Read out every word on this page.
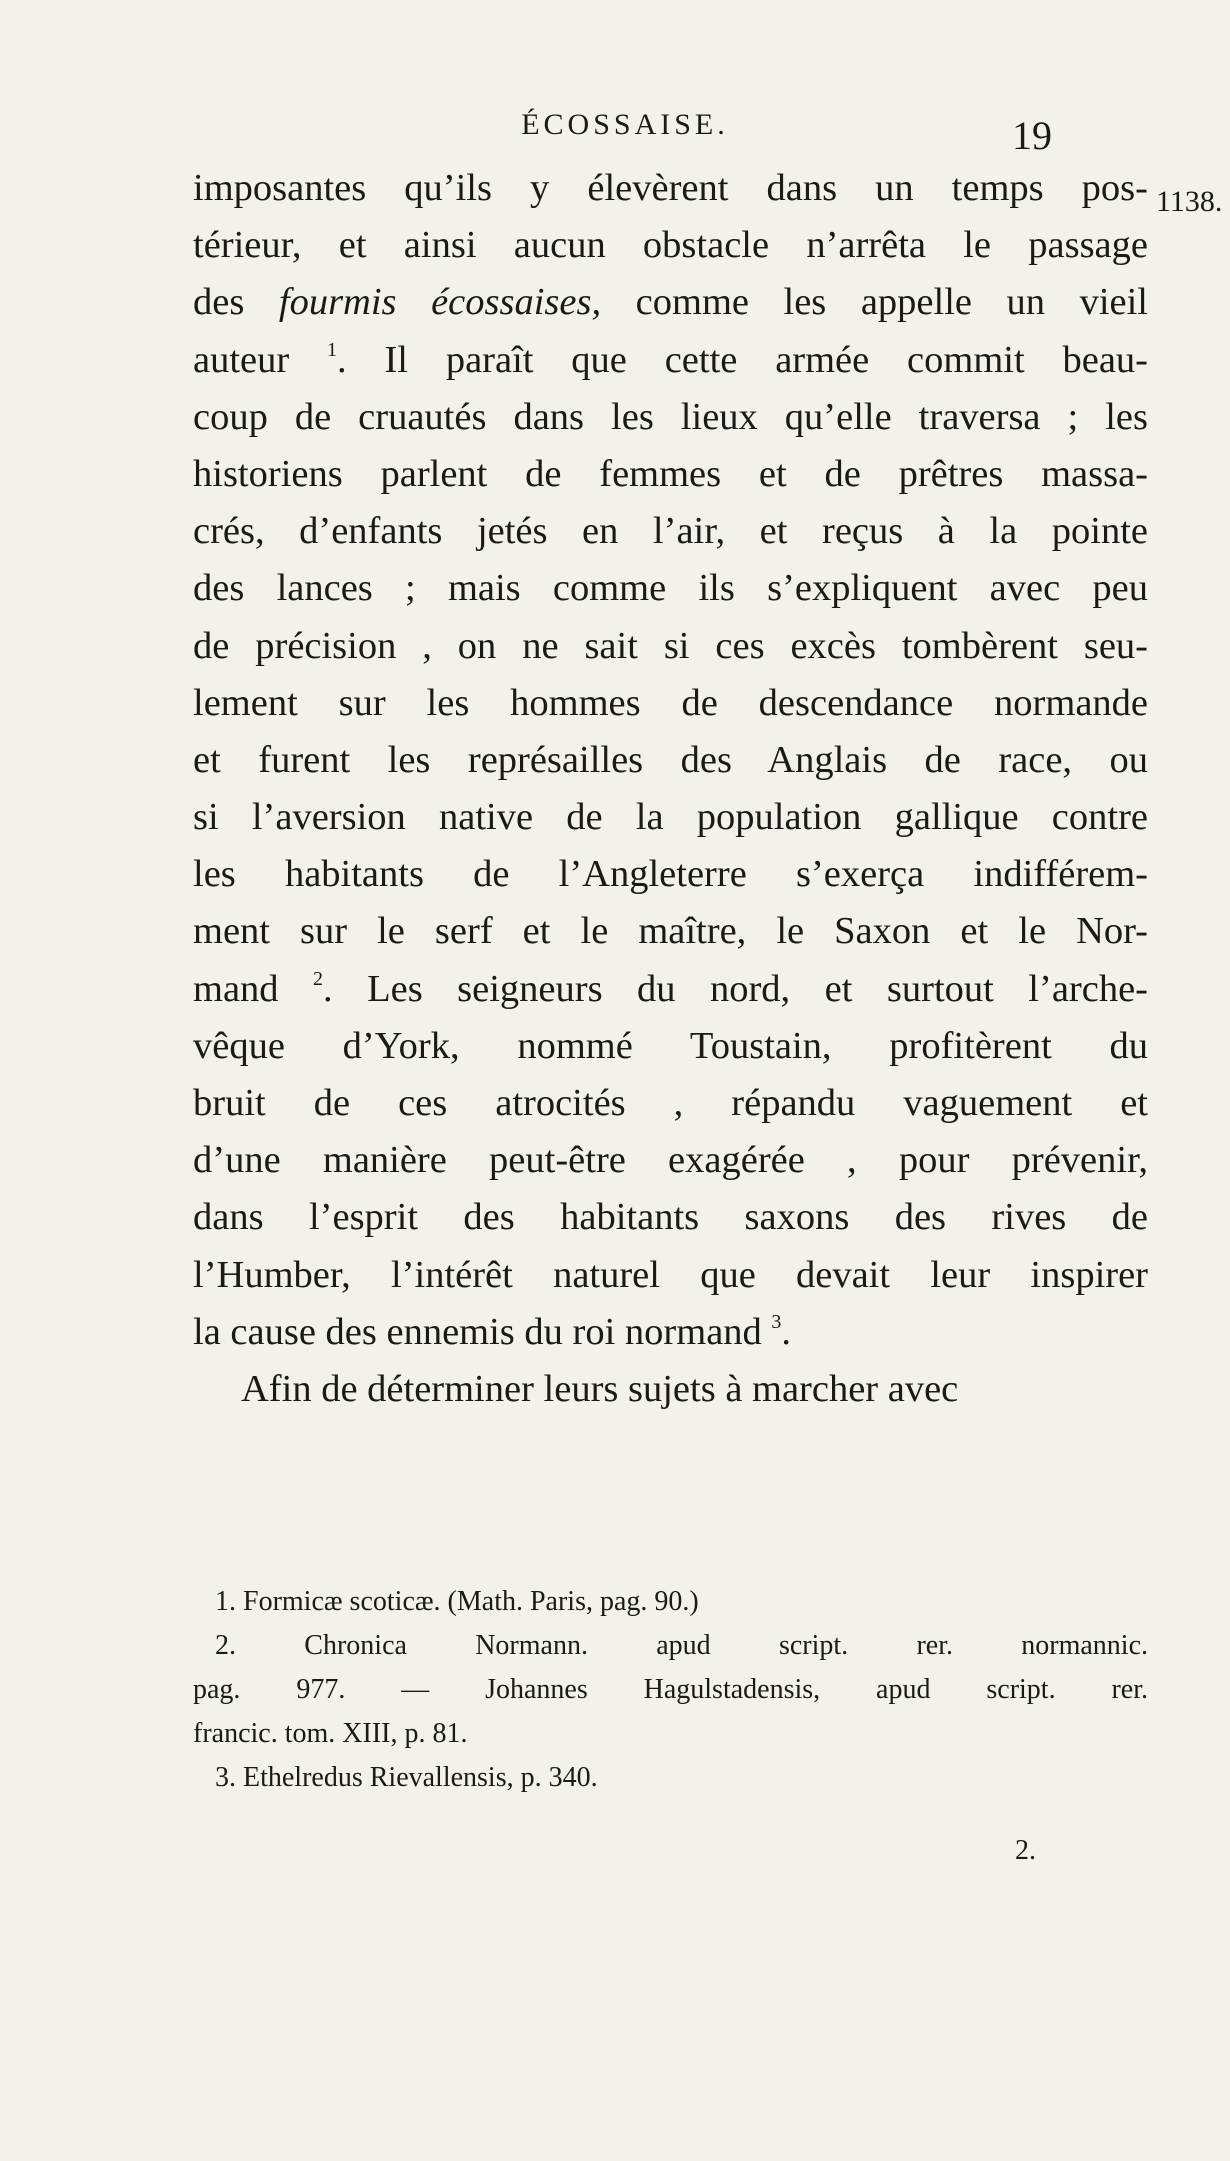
ÉCOSSAISE.	19
1138.
imposantes qu’ils y élevèrent dans un temps pos-
térieur, et ainsi aucun obstacle n’arrêta le passage
des fourmis écossaises, comme les appelle un vieil
auteur $^1$. Il paraît que cette armée commit beau-
coup de cruautés dans les lieux qu’elle traversa ; les
historiens parlent de femmes et de prêtres massa-
crés, d’enfants jetés en l’air, et reçus à la pointe
des lances ; mais comme ils s’expliquent avec peu
de précision , on ne sait si ces excès tombèrent seu-
lement sur les hommes de descendance normande
et furent les représailles des Anglais de race, ou
si l’aversion native de la population gallique contre
les habitants de l’Angleterre s’exerça indifférem-
ment sur le serf et le maître, le Saxon et le Nor-
mand $^2$. Les seigneurs du nord, et surtout l’arche-
vêque d’York, nommé Toustain, profitèrent du
bruit de ces atrocités , répandu vaguement et
d’une manière peut-être exagérée , pour prévenir,
dans l’esprit des habitants saxons des rives de
l’Humber, l’intérêt naturel que devait leur inspirer
la cause des ennemis du roi normand $^3$.
Afin de déterminer leurs sujets à marcher avec
1. Formicæ scoticæ. (Math. Paris, pag. 90.)
2. Chronica Normann. apud script. rer. normannic.
pag. 977. — Johannes Hagulstadensis, apud script. rer.
francic. tom. XIII, p. 81.
3. Ethelredus Rievallensis, p. 340.
2.
